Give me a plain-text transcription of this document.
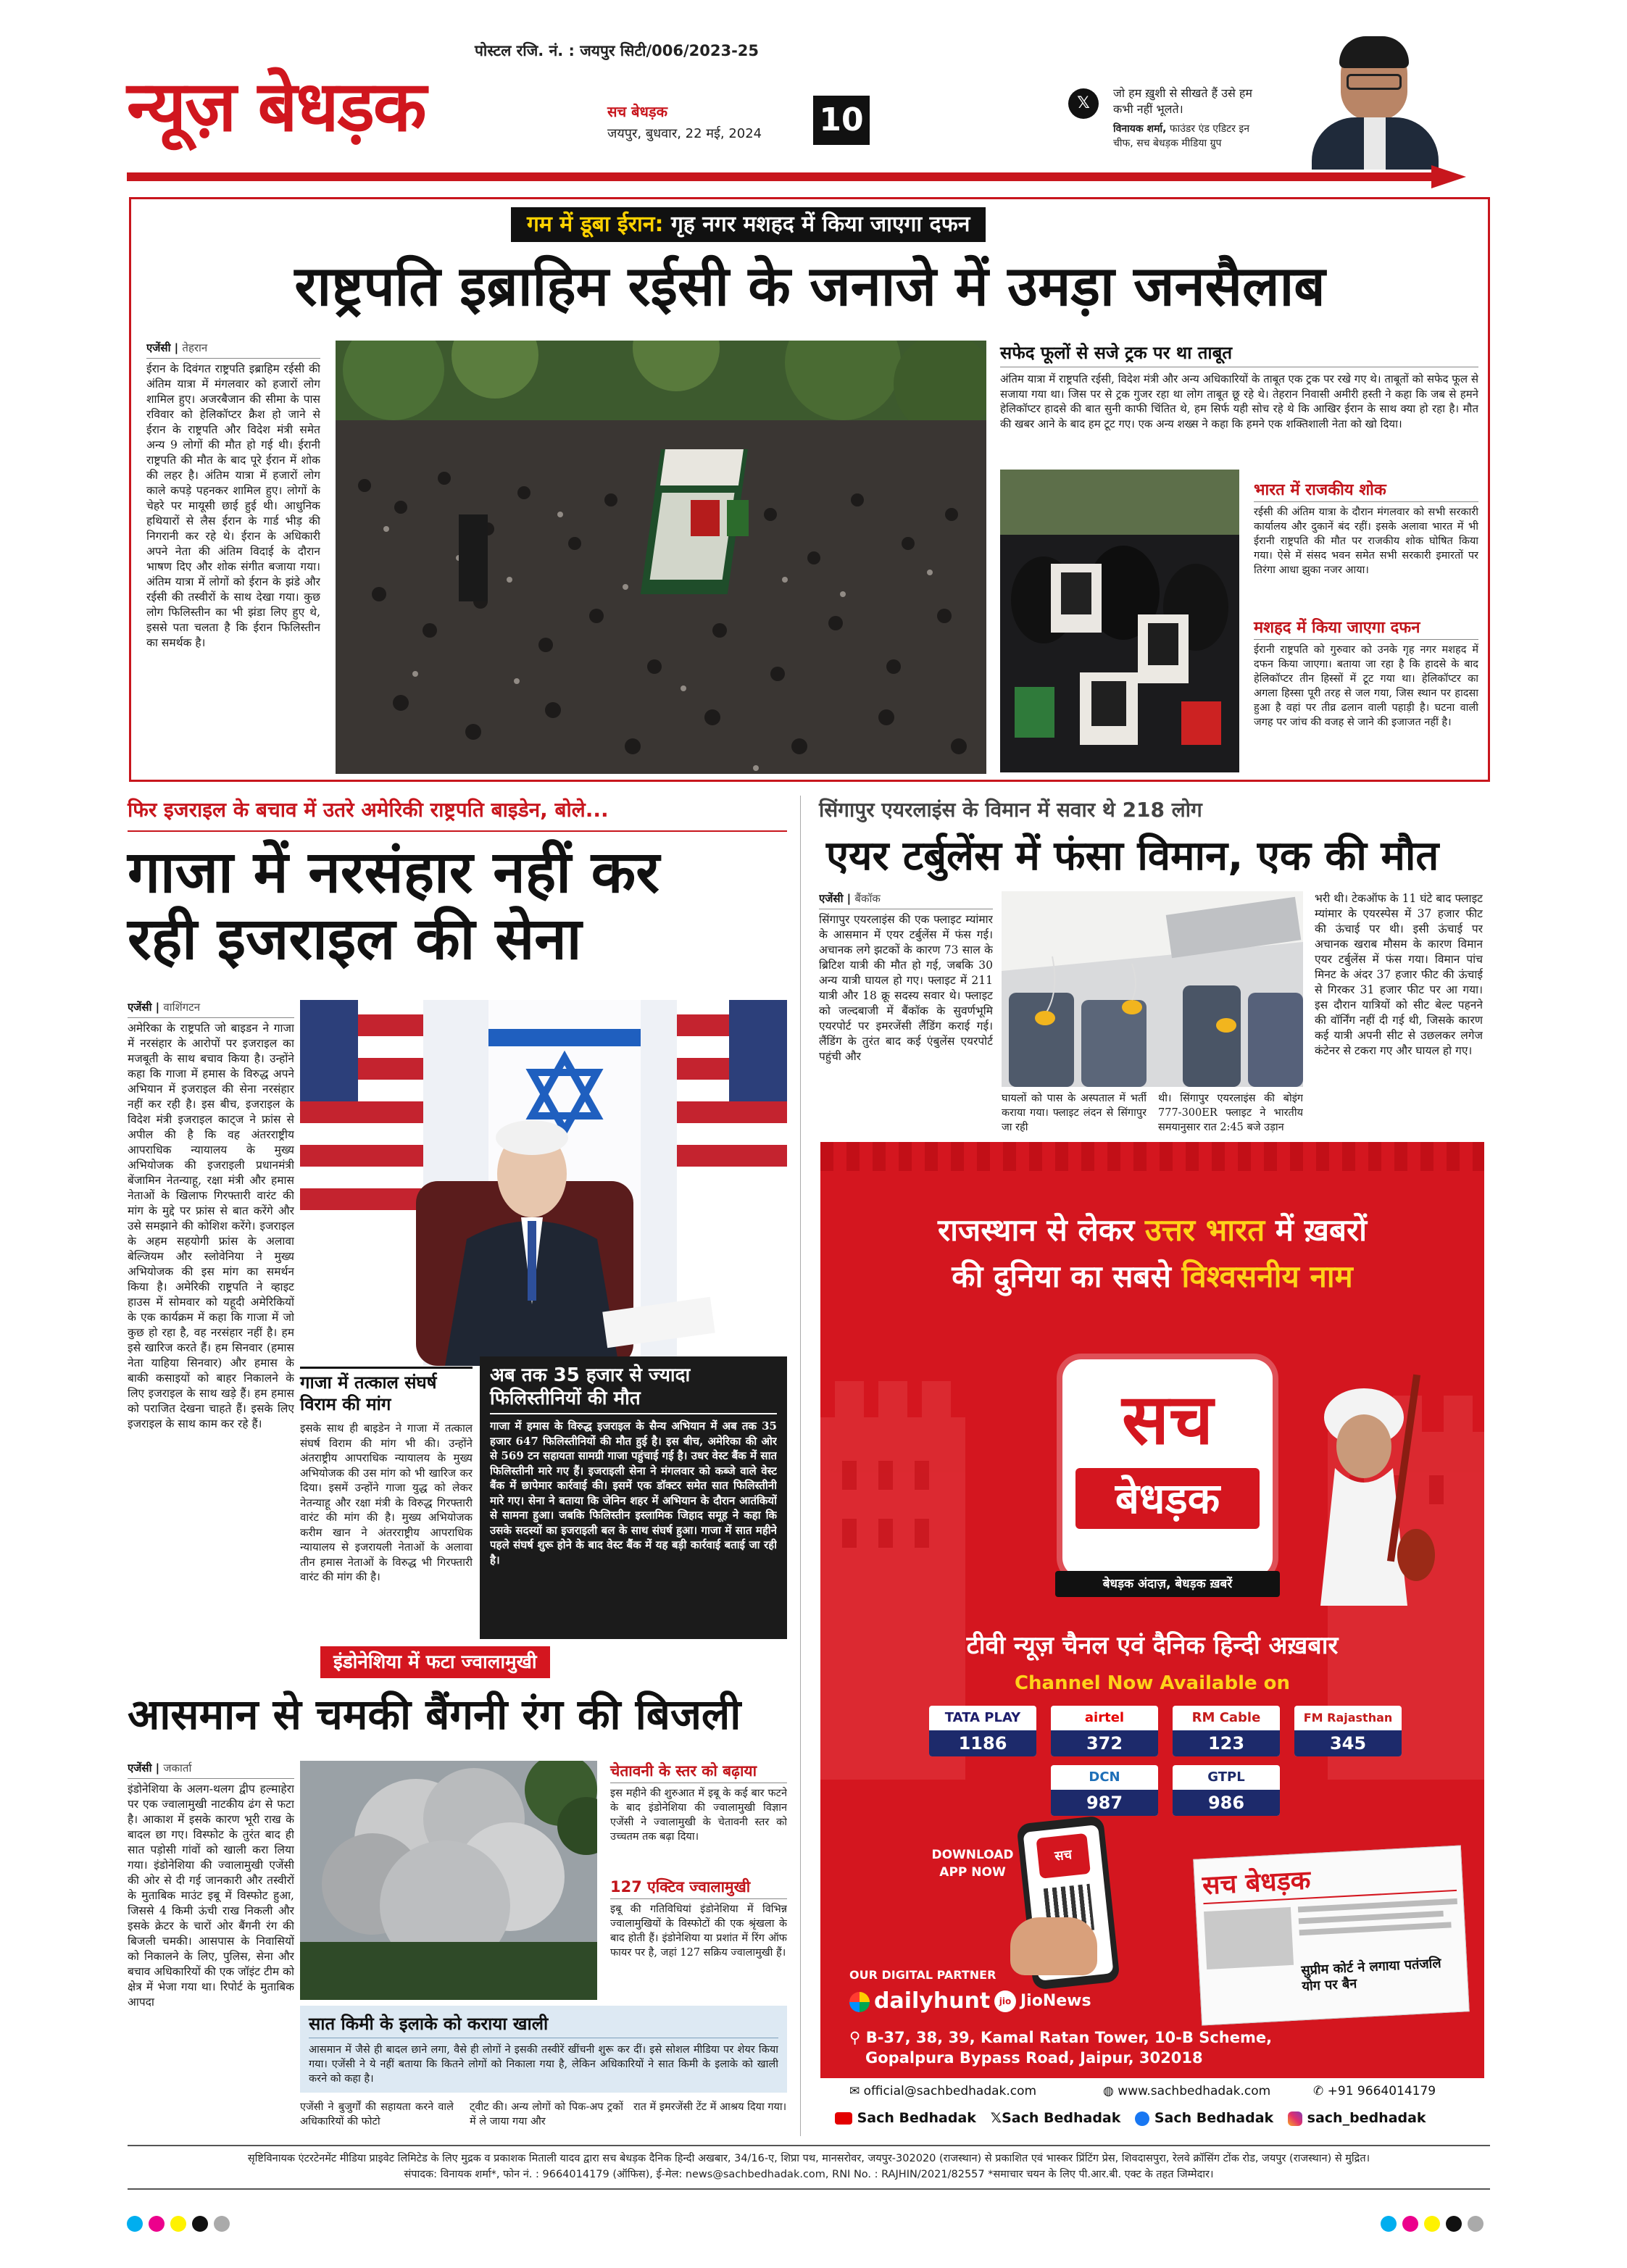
पोस्टल रजि. नं. : जयपुर सिटी/006/2023-25
न्यूज़ बेधड़क	सच बेधड़क
जयपुर, बुधवार, 22 मई, 2024 10	𝕏
जो हम ख़ुशी से सीखते हैं उसे हम
कभी नहीं भूलते।
विनायक शर्मा, फाउंडर एंड एडिटर इन
चीफ, सच बेधड़क मीडिया ग्रुप
गम में डूबा ईरान: गृह नगर मशहद में किया जाएगा दफन
राष्ट्रपति इब्राहिम रईसी के जनाजे में उमड़ा जनसैलाब
एजेंसी | तेहरान
ईरान के दिवंगत राष्ट्रपति इब्राहिम रईसी की अंतिम यात्रा में मंगलवार को हजारों लोग शामिल हुए। अजरबैजान की सीमा के पास रविवार को हेलिकॉप्टर क्रैश हो जाने से ईरान के राष्ट्रपति और विदेश मंत्री समेत अन्य 9 लोगों की मौत हो गई थी। ईरानी राष्ट्रपति की मौत के बाद पूरे ईरान में शोक की लहर है। अंतिम यात्रा में हजारों लोग काले कपड़े पहनकर शामिल हुए। लोगों के चेहरे पर मायूसी छाई हुई थी। आधुनिक हथियारों से लैस ईरान के गार्ड भीड़ की निगरानी कर रहे थे। ईरान के अधिकारी अपने नेता की अंतिम विदाई के दौरान भाषण दिए और शोक संगीत बजाया गया। अंतिम यात्रा में लोगों को ईरान के झंडे और रईसी की तस्वीरों के साथ देखा गया। कुछ लोग फिलिस्तीन का भी झंडा लिए हुए थे, इससे पता चलता है कि ईरान फिलिस्तीन का समर्थक है।
सफेद फूलों से सजे ट्रक पर था ताबूत
अंतिम यात्रा में राष्ट्रपति रईसी, विदेश मंत्री और अन्य अधिकारियों के ताबूत एक ट्रक पर रखे गए थे। ताबूतों को सफेद फूल से सजाया गया था। जिस पर से ट्रक गुजर रहा था लोग ताबूत छू रहे थे। तेहरान निवासी अमीरी हस्ती ने कहा कि जब से हमने हेलिकॉप्टर हादसे की बात सुनी काफी चिंतित थे, हम सिर्फ यही सोच रहे थे कि आखिर ईरान के साथ क्या हो रहा है। मौत की खबर आने के बाद हम टूट गए। एक अन्य शख्स ने कहा कि हमने एक शक्तिशाली नेता को खो दिया।
भारत में राजकीय शोक
रईसी की अंतिम यात्रा के दौरान मंगलवार को सभी सरकारी कार्यालय और दुकानें बंद रहीं। इसके अलावा भारत में भी ईरानी राष्ट्रपति की मौत पर राजकीय शोक घोषित किया गया। ऐसे में संसद भवन समेत सभी सरकारी इमारतों पर तिरंगा आधा झुका नजर आया।
मशहद में किया जाएगा दफन
ईरानी राष्ट्रपति को गुरुवार को उनके गृह नगर मशहद में दफन किया जाएगा। बताया जा रहा है कि हादसे के बाद हेलिकॉप्टर तीन हिस्सों में टूट गया था। हेलिकॉप्टर का अगला हिस्सा पूरी तरह से जल गया, जिस स्थान पर हादसा हुआ है वहां पर तीव्र ढलान वाली पहाड़ी है। घटना वाली जगह पर जांच की वजह से जाने की इजाजत नहीं है।
फिर इजराइल के बचाव में उतरे अमेरिकी राष्ट्रपति बाइडेन, बोले...
गाजा में नरसंहार नहीं कर
रही इजराइल की सेना
एजेंसी | वाशिंगटन
अमेरिका के राष्ट्रपति जो बाइडन ने गाजा में नरसंहार के आरोपों पर इजराइल का मजबूती के साथ बचाव किया है। उन्होंने कहा कि गाजा में हमास के विरुद्ध अपने अभियान में इजराइल की सेना नरसंहार नहीं कर रही है। इस बीच, इजराइल के विदेश मंत्री इजराइल काट्ज ने फ्रांस से अपील की है कि वह अंतरराष्ट्रीय आपराधिक न्यायालय के मुख्य अभियोजक की इजराइली प्रधानमंत्री बेंजामिन नेतन्याहू, रक्षा मंत्री और हमास नेताओं के खिलाफ गिरफ्तारी वारंट की मांग के मुद्दे पर फ्रांस से बात करेंगे और उसे समझाने की कोशिश करेंगे। इजराइल के अहम सहयोगी फ्रांस के अलावा बेल्जियम और स्लोवेनिया ने मुख्य अभियोजक की इस मांग का समर्थन किया है। अमेरिकी राष्ट्रपति ने व्हाइट हाउस में सोमवार को यहूदी अमेरिकियों के एक कार्यक्रम में कहा कि गाजा में जो कुछ हो रहा है, वह नरसंहार नहीं है। हम इसे खारिज करते हैं। हम सिनवार (हमास नेता याहिया सिनवार) और हमास के बाकी कसाइयों को बाहर निकालने के लिए इजराइल के साथ खड़े हैं। हम हमास को पराजित देखना चाहते हैं। इसके लिए इजराइल के साथ काम कर रहे हैं।
गाजा में तत्काल संघर्ष विराम की मांग
इसके साथ ही बाइडेन ने गाजा में तत्काल संघर्ष विराम की मांग भी की। उन्होंने अंतराष्ट्रीय आपराधिक न्यायालय के मुख्य अभियोजक की उस मांग को भी खारिज कर दिया। इसमें उन्होंने गाजा युद्ध को लेकर नेतन्याहू और रक्षा मंत्री के विरुद्ध गिरफ्तारी वारंट की मांग की है। मुख्य अभियोजक करीम खान ने अंतरराष्ट्रीय आपराधिक न्यायालय से इजरायली नेताओं के अलावा तीन हमास नेताओं के विरुद्ध भी गिरफ्तारी वारंट की मांग की है।
अब तक 35 हजार से ज्यादा फिलिस्तीनियों की मौत
गाजा में हमास के विरुद्ध इजराइल के सैन्य अभियान में अब तक 35 हजार 647 फिलिस्तीनियों की मौत हुई है। इस बीच, अमेरिका की ओर से 569 टन सहायता सामग्री गाजा पहुंचाई गई है। उधर वेस्ट बैंक में सात फिलिस्तीनी मारे गए हैं। इजराइली सेना ने मंगलवार को कब्जे वाले वेस्ट बैंक में छापेमार कार्रवाई की। इसमें एक डॉक्टर समेत सात फिलिस्तीनी मारे गए। सेना ने बताया कि जेनिन शहर में अभियान के दौरान आतंकियों से सामना हुआ। जबकि फिलिस्तीन इस्लामिक जिहाद समूह ने कहा कि उसके सदस्यों का इजराइली बल के साथ संघर्ष हुआ। गाजा में सात महीने पहले संघर्ष शुरू होने के बाद वेस्ट बैंक में यह बड़ी कार्रवाई बताई जा रही है।
इंडोनेशिया में फटा ज्वालामुखी
आसमान से चमकी बैंगनी रंग की बिजली
एजेंसी | जकार्ता
इंडोनेशिया के अलग-थलग द्वीप हल्माहेरा पर एक ज्वालामुखी नाटकीय ढंग से फटा है। आकाश में इसके कारण भूरी राख के बादल छा गए। विस्फोट के तुरंत बाद ही सात पड़ोसी गांवों को खाली करा लिया गया। इंडोनेशिया की ज्वालामुखी एजेंसी की ओर से दी गई जानकारी और तस्वीरों के मुताबिक माउंट इबू में विस्फोट हुआ, जिससे 4 किमी ऊंची राख निकली और इसके क्रेटर के चारों ओर बैंगनी रंग की बिजली चमकी। आसपास के निवासियों को निकालने के लिए, पुलिस, सेना और बचाव अधिकारियों की एक जॉइंट टीम को क्षेत्र में भेजा गया था। रिपोर्ट के मुताबिक आपदा
चेतावनी के स्तर को बढ़ाया
इस महीने की शुरुआत में इबू के कई बार फटने के बाद इंडोनेशिया की ज्वालामुखी विज्ञान एजेंसी ने ज्वालामुखी के चेतावनी स्तर को उच्चतम तक बढ़ा दिया।
127 एक्टिव ज्वालामुखी
इबू की गतिविधियां इंडोनेशिया में विभिन्न ज्वालामुखियों के विस्फोटों की एक श्रृंखला के बाद होती हैं। इंडोनेशिया या प्रशांत में रिंग ऑफ फायर पर है, जहां 127 सक्रिय ज्वालामुखी हैं।
सात किमी के इलाके को कराया खाली
आसमान में जैसे ही बादल छाने लगा, वैसे ही लोगों ने इसकी तस्वीरें खींचनी शुरू कर दीं। इसे सोशल मीडिया पर शेयर किया गया। एजेंसी ने ये नहीं बताया कि कितने लोगों को निकाला गया है, लेकिन अधिकारियों ने सात किमी के इलाके को खाली करने को कहा है।
एजेंसी ने बुजुर्गों की सहायता करने वाले अधिकारियों की फोटो
ट्वीट की। अन्य लोगों को पिक-अप ट्रकों में ले जाया गया और
रात में इमरजेंसी टेंट में आश्रय दिया गया।
सिंगापुर एयरलाइंस के विमान में सवार थे 218 लोग
एयर टर्बुलेंस में फंसा विमान, एक की मौत
एजेंसी | बैंकॉक
सिंगापुर एयरलाइंस की एक फ्लाइट म्यांमार के आसमान में एयर टर्बुलेंस में फंस गई। अचानक लगे झटकों के कारण 73 साल के ब्रिटिश यात्री की मौत हो गई, जबकि 30 अन्य यात्री घायल हो गए। फ्लाइट में 211 यात्री और 18 क्रू सदस्य सवार थे। फ्लाइट को जल्दबाजी में बैंकॉक के सुवर्णभूमि एयरपोर्ट पर इमरजेंसी लैंडिंग कराई गई। लैंडिंग के तुरंत बाद कई एंबुलेंस एयरपोर्ट पहुंची और
घायलों को पास के अस्पताल में भर्ती कराया गया। फ्लाइट लंदन से सिंगापुर जा रही
थी। सिंगापुर एयरलाइंस की बोइंग 777-300ER फ्लाइट ने भारतीय समयानुसार रात 2:45 बजे उड़ान
भरी थी। टेकऑफ के 11 घंटे बाद फ्लाइट म्यांमार के एयरस्पेस में 37 हजार फीट की ऊंचाई पर थी। इसी ऊंचाई पर अचानक खराब मौसम के कारण विमान एयर टर्बुलेंस में फंस गया। विमान पांच मिनट के अंदर 37 हजार फीट की ऊंचाई से गिरकर 31 हजार फीट पर आ गया। इस दौरान यात्रियों को सीट बेल्ट पहनने की वॉर्निंग नहीं दी गई थी, जिसके कारण कई यात्री अपनी सीट से उछलकर लगेज कंटेनर से टकरा गए और घायल हो गए।
राजस्थान से लेकर उत्तर भारत में ख़बरों
की दुनिया का सबसे विश्वसनीय नाम
सच
बेधड़क
बेधड़क अंदाज़, बेधड़क ख़बरें
टीवी न्यूज़ चैनल एवं दैनिक हिन्दी अख़बार
Channel Now Available on
TATA PLAY
1186
airtel
372
RM Cable
123
FM Rajasthan
345
DCN
987
GTPL
986
DOWNLOAD APP NOW
सच
सच बेधड़क
सुप्रीम कोर्ट ने लगाया पतंजलि योग पर बैन
OUR DIGITAL PARTNER
dailyhunt	jio JioNews
⚲ B-37, 38, 39, Kamal Ratan Tower, 10-B Scheme,
Gopalpura Bypass Road, Jaipur, 302018
✉ official@sachbedhadak.com	◍ www.sachbedhadak.com	✆ +91 9664014179
Sach Bedhadak 𝕏Sach Bedhadak Sach Bedhadak sach_bedhadak
सृष्टिविनायक एंटरटेनमेंट मीडिया प्राइवेट लिमिटेड के लिए मुद्रक व प्रकाशक मिताली यादव द्वारा सच बेधड़क दैनिक हिन्दी अखबार, 34/16-ए, शिप्रा पथ, मानसरोवर, जयपुर-302020 (राजस्थान) से प्रकाशित एवं भास्कर प्रिंटिंग प्रेस, शिवदासपुरा, रेलवे क्रॉसिंग टोंक रोड, जयपुर (राजस्थान) से मुद्रित।
संपादक: विनायक शर्मा*, फोन नं. : 9664014179 (ऑफिस), ई-मेल: news@sachbedhadak.com, RNI No. : RAJHIN/2021/82557 *समाचार चयन के लिए पी.आर.बी. एक्ट के तहत जिम्मेदार।
